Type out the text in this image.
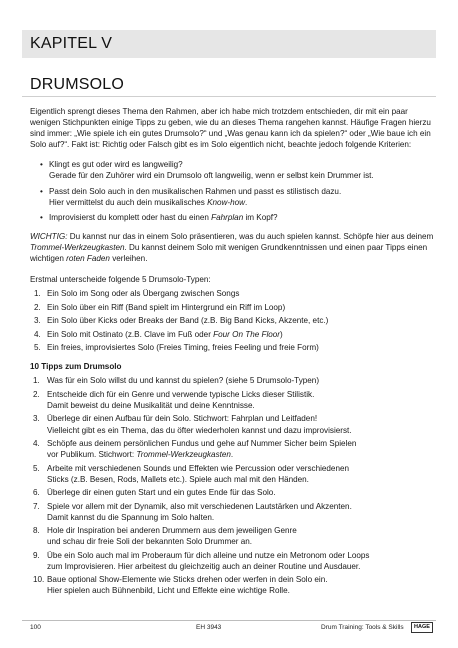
KAPITEL V
DRUMSOLO

Eigentlich sprengt dieses Thema den Rahmen, aber ich habe mich trotzdem entschieden, dir mit ein paar wenigen Stichpunkten einige Tipps zu geben, wie du an dieses Thema rangehen kannst. Häufige Fragen hierzu sind immer: „Wie spiele ich ein gutes Drumsolo?“ und „Was genau kann ich da spielen?“ oder „Wie baue ich ein Solo auf?“. Fakt ist: Richtig oder Falsch gibt es im Solo eigentlich nicht, beachte jedoch folgende Kriterien:

• Klingt es gut oder wird es langweilig?
Gerade für den Zuhörer wird ein Drumsolo oft langweilig, wenn er selbst kein Drummer ist.
• Passt dein Solo auch in den musikalischen Rahmen und passt es stilistisch dazu.
Hier vermittelst du auch dein musikalisches Know-how.
• Improvisierst du komplett oder hast du einen Fahrplan im Kopf?

WICHTIG: Du kannst nur das in einem Solo präsentieren, was du auch spielen kannst. Schöpfe hier aus deinem Trommel-Werkzeugkasten. Du kannst deinem Solo mit wenigen Grundkenntnissen und einen paar Tipps einen wichtigen roten Faden verleihen.

Erstmal unterscheide folgende 5 Drumsolo-Typen:

1. Ein Solo im Song oder als Übergang zwischen Songs
2. Ein Solo über ein Riff (Band spielt im Hintergrund ein Riff im Loop)
3. Ein Solo über Kicks oder Breaks der Band (z.B. Big Band Kicks, Akzente, etc.)
4. Ein Solo mit Ostinato (z.B. Clave im Fuß oder Four On The Floor)
5. Ein freies, improvisiertes Solo (Freies Timing, freies Feeling und freie Form)

10 Tipps zum Drumsolo

1. Was für ein Solo willst du und kannst du spielen? (siehe 5 Drumsolo-Typen)
2. Entscheide dich für ein Genre und verwende typische Licks dieser Stilistik.
Damit beweist du deine Musikalität und deine Kenntnisse.
3. Überlege dir einen Aufbau für dein Solo. Stichwort: Fahrplan und Leitfaden!
Vielleicht gibt es ein Thema, das du öfter wiederholen kannst und dazu improvisierst.
4. Schöpfe aus deinem persönlichen Fundus und gehe auf Nummer Sicher beim Spielen
vor Publikum. Stichwort: Trommel-Werkzeugkasten.
5. Arbeite mit verschiedenen Sounds und Effekten wie Percussion oder verschiedenen
Sticks (z.B. Besen, Rods, Mallets etc.). Spiele auch mal mit den Händen.
6. Überlege dir einen guten Start und ein gutes Ende für das Solo.
7. Spiele vor allem mit der Dynamik, also mit verschiedenen Lautstärken und Akzenten.
Damit kannst du die Spannung im Solo halten.
8. Hole dir Inspiration bei anderen Drummern aus dem jeweiligen Genre
und schau dir freie Soli der bekannten Solo Drummer an.
9. Übe ein Solo auch mal im Proberaum für dich alleine und nutze ein Metronom oder Loops
zum Improvisieren. Hier arbeitest du gleichzeitig auch an deiner Routine und Ausdauer.
10. Baue optional Show-Elemente wie Sticks drehen oder werfen in dein Solo ein.
Hier spielen auch Bühnenbild, Licht und Effekte eine wichtige Rolle.
100	EH 3943	Drum Training: Tools & Skills	HAGE
